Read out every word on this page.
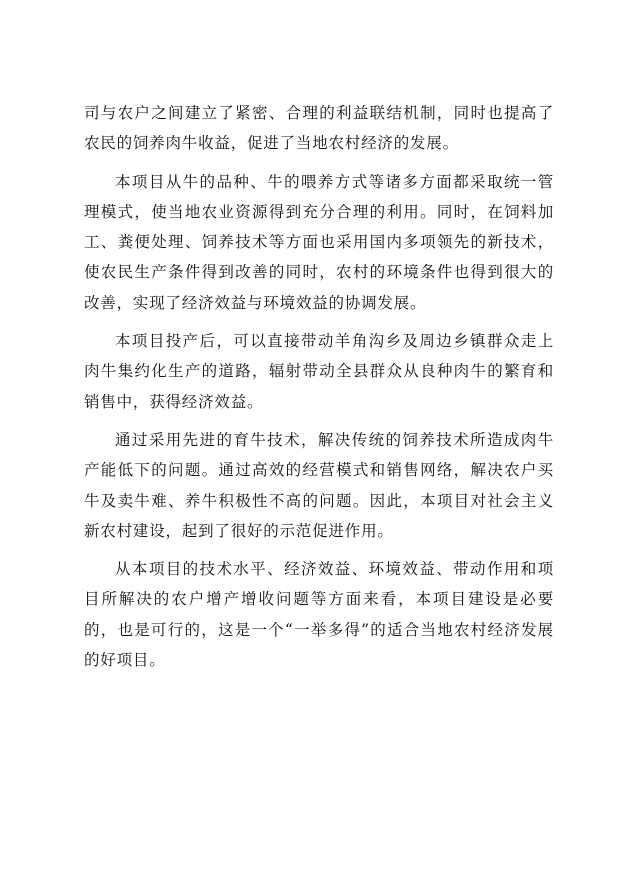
司与农户之间建立了紧密、合理的利益联结机制，同时也提高了农民的饲养肉牛收益，促进了当地农村经济的发展。

本项目从牛的品种、牛的喂养方式等诸多方面都采取统一管理模式，使当地农业资源得到充分合理的利用。同时，在饲料加工、粪便处理、饲养技术等方面也采用国内多项领先的新技术，使农民生产条件得到改善的同时，农村的环境条件也得到很大的改善，实现了经济效益与环境效益的协调发展。

本项目投产后，可以直接带动羊角沟乡及周边乡镇群众走上肉牛集约化生产的道路，辐射带动全县群众从良种肉牛的繁育和销售中，获得经济效益。

通过采用先进的育牛技术，解决传统的饲养技术所造成肉牛产能低下的问题。通过高效的经营模式和销售网络，解决农户买牛及卖牛难、养牛积极性不高的问题。因此，本项目对社会主义新农村建设，起到了很好的示范促进作用。

从本项目的技术水平、经济效益、环境效益、带动作用和项目所解决的农户增产增收问题等方面来看，本项目建设是必要的，也是可行的，这是一个“一举多得”的适合当地农村经济发展的好项目。
